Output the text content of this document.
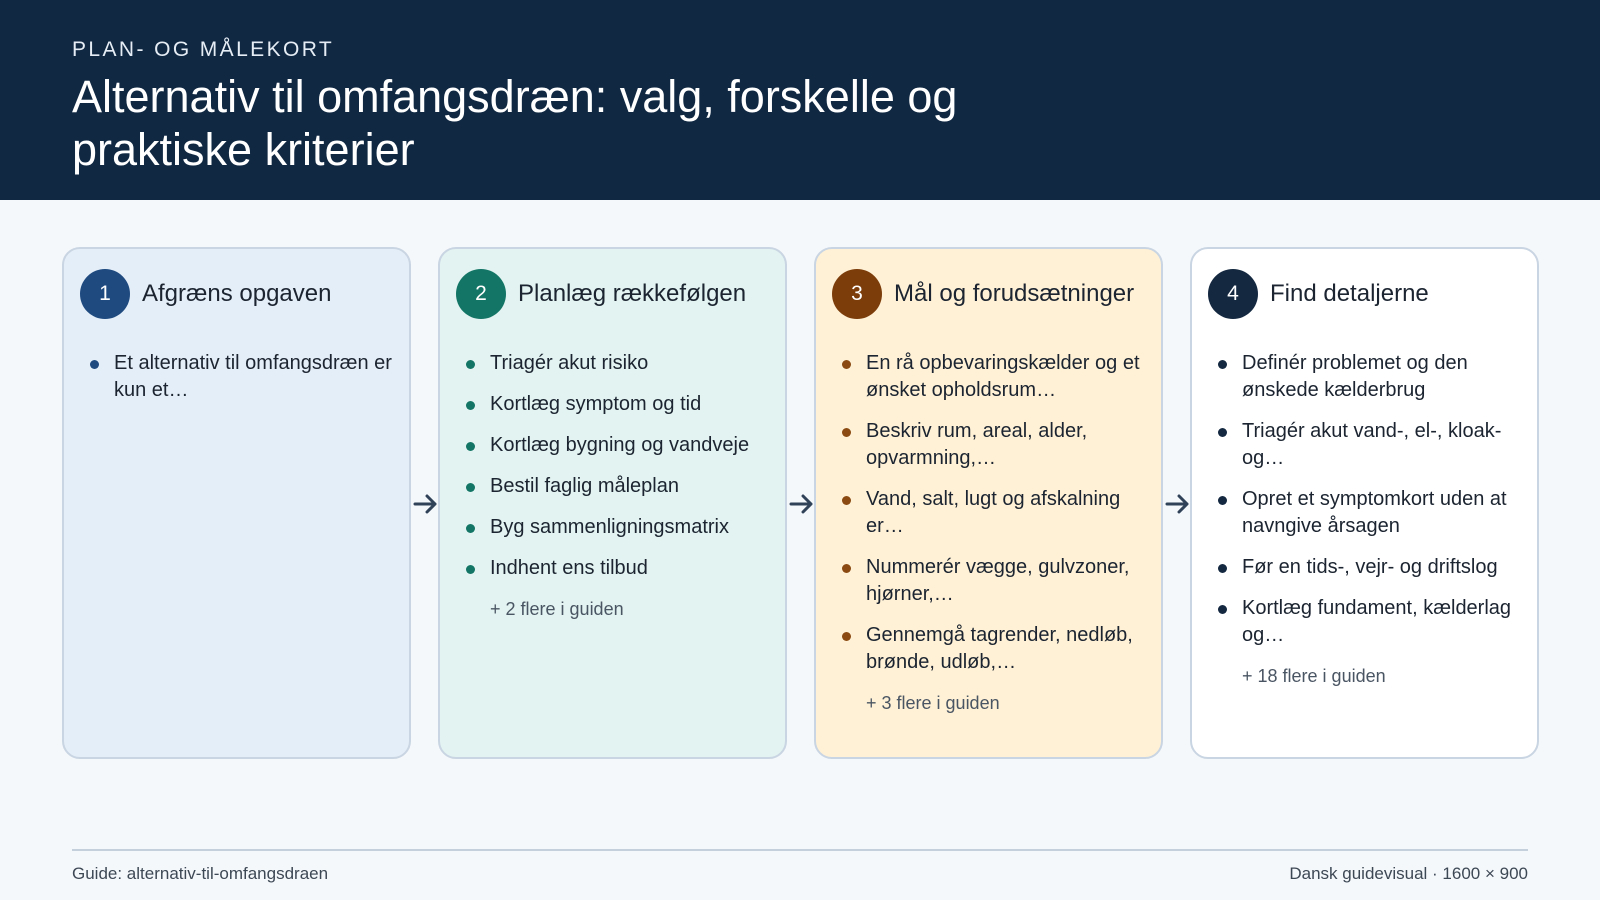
PLAN- OG MÅLEKORT
Alternativ til omfangsdræn: valg, forskelle og praktiske kriterier
1	Afgræns opgaven
Et alternativ til omfangsdræn er kun et…
2	Planlæg rækkefølgen
Triagér akut risiko
Kortlæg symptom og tid
Kortlæg bygning og vandveje
Bestil faglig måleplan
Byg sammenligningsmatrix
Indhent ens tilbud
+ 2 flere i guiden
3	Mål og forudsætninger
En rå opbevaringskælder og et ønsket opholdsrum…
Beskriv rum, areal, alder, opvarmning,…
Vand, salt, lugt og afskalning er…
Nummerér vægge, gulvzoner, hjørner,…
Gennemgå tagrender, nedløb, brønde, udløb,…
+ 3 flere i guiden
4	Find detaljerne
Definér problemet og den ønskede kælderbrug
Triagér akut vand-, el-, kloak- og…
Opret et symptomkort uden at navngive årsagen
Før en tids-, vejr- og driftslog
Kortlæg fundament, kælderlag og…
+ 18 flere i guiden
Guide: alternativ-til-omfangsdraen	Dansk guidevisual · 1600 × 900
